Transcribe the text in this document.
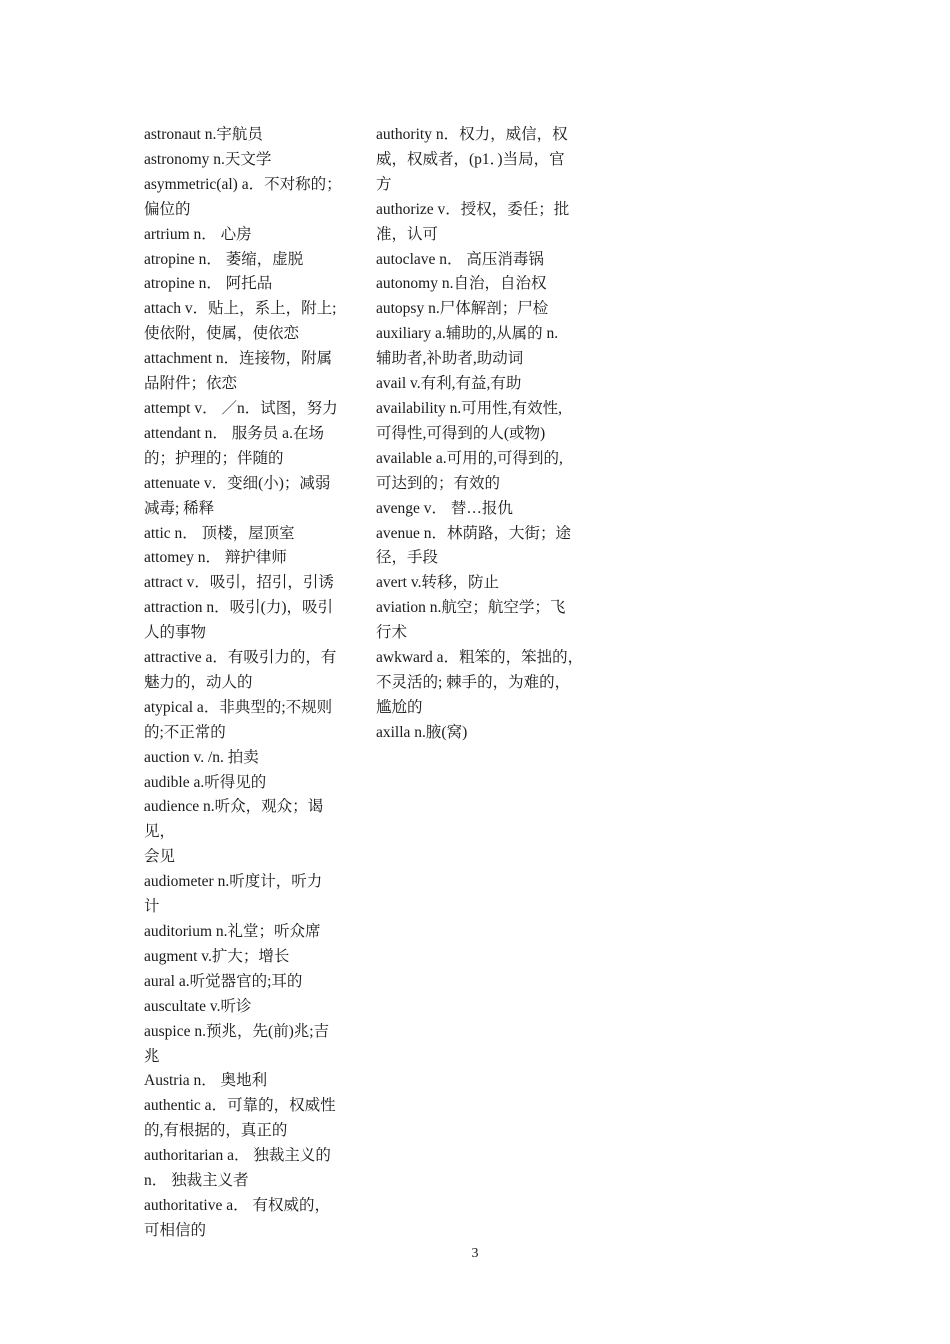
astronaut n.宇航员
astronomy n.天文学
asymmetric(al) a．不对称的；
偏位的
artrium n． 心房
atropine n． 萎缩，虚脱
atropine n． 阿托品
attach v．贴上，系上，附上;
使依附，使属，使依恋
attachment n．连接物，附属
品附件；依恋
attempt v． ／n．试图，努力
attendant n． 服务员 a.在场
的；护理的；伴随的
attenuate v．变细(小)；减弱
减毒; 稀释
attic n． 顶楼，屋顶室
attomey n． 辩护律师
attract v．吸引，招引，引诱
attraction n．吸引(力)，吸引
人的事物
attractive a．有吸引力的，有
魅力的，动人的
atypical a．非典型的;不规则
的;不正常的
auction v. /n. 拍卖
audible a.听得见的
audience n.听众，观众；谒见，
会见
audiometer n.听度计，听力
计
auditorium n.礼堂；听众席
augment v.扩大；增长
aural a.听觉器官的;耳的
auscultate v.听诊
auspice n.预兆，先(前)兆;吉
兆
Austria n． 奥地利
authentic a．可靠的，权威性
的,有根据的，真正的
authoritarian a． 独裁主义的
n． 独裁主义者
authoritative a． 有权威的，
可相信的
authority n．权力，威信，权
威，权威者，(p1．)当局，官
方
authorize v．授权，委任；批
准，认可
autoclave n． 高压消毒锅
autonomy n.自治，自治权
autopsy n.尸体解剖；尸检
auxiliary a.辅助的,从属的 n.
辅助者,补助者,助动词
avail v.有利,有益,有助
availability n.可用性,有效性,
可得性,可得到的人(或物)
available a.可用的,可得到的,
可达到的；有效的
avenge v． 替…报仇
avenue n．林荫路，大街；途
径，手段
avert v.转移，防止
aviation n.航空；航空学；飞
行术
awkward a．粗笨的，笨拙的，
不灵活的; 棘手的，为难的，
尴尬的
axilla n.腋(窝)
3
